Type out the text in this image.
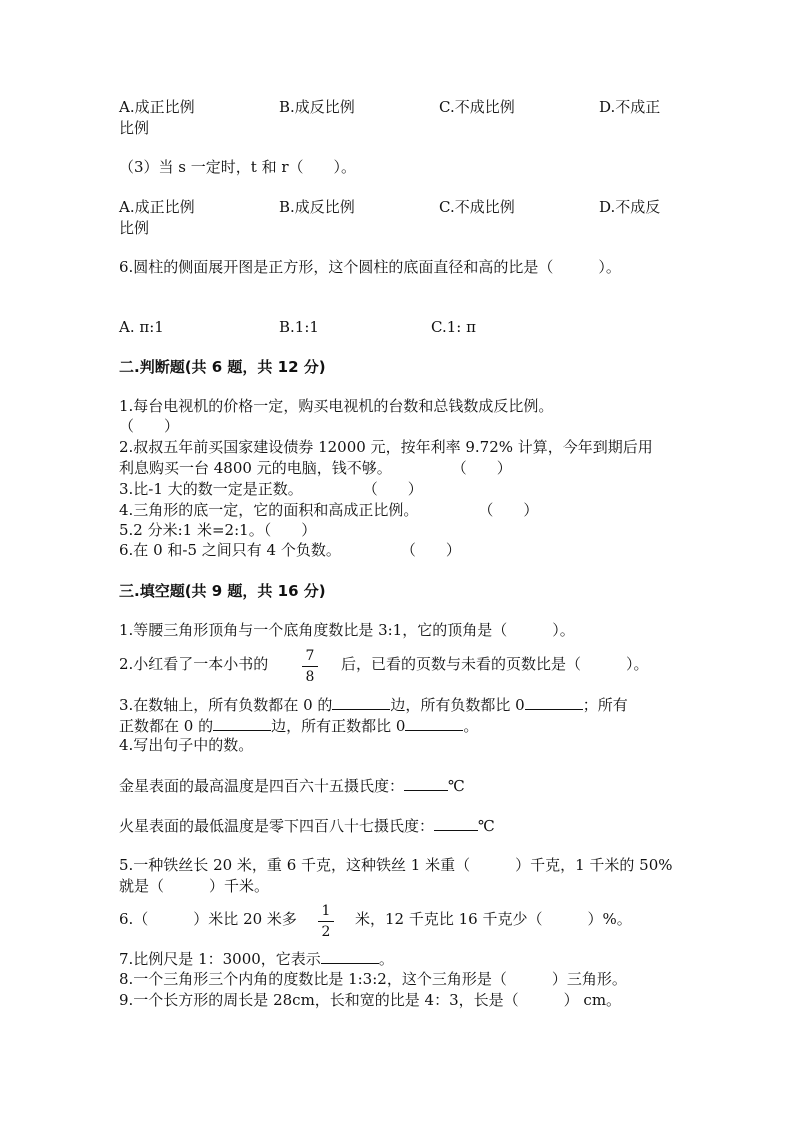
A.成正比例	B.成反比例	C.不成比例	D.不成正
比例
（3）当 s 一定时，t 和 r（　　）。
A.成正比例	B.成反比例	C.不成比例	D.不成反
比例
6.圆柱的侧面展开图是正方形，这个圆柱的底面直径和高的比是（　　　）。
A. π:1	B.1:1	C.1: π
二.判断题(共 6 题，共 12 分)
1.每台电视机的价格一定，购买电视机的台数和总钱数成反比例。
（　　）
2.叔叔五年前买国家建设债券 12000 元，按年利率 9.72% 计算，今年到期后用
利息购买一台 4800 元的电脑，钱不够。　　　　　（　　）
3.比-1 大的数一定是正数。　　　　　（　　）
4.三角形的底一定，它的面积和高成正比例。　　　　　（　　）
5.2 分米:1 米=2:1。（　　）
6.在 0 和-5 之间只有 4 个负数。　　　　　（　　）
三.填空题(共 9 题，共 16 分)
1.等腰三角形顶角与一个底角度数比是 3:1，它的顶角是（　　　）。
2.小红看了一本小书的	7
8
后，已看的页数与未看的页数比是（　　　）。
3.在数轴上，所有负数都在 0 的	边，所有负数都比 0	；所有
正数都在 0 的	边，所有正数都比 0	。
4.写出句子中的数。
金星表面的最高温度是四百六十五摄氏度：	℃
火星表面的最低温度是零下四百八十七摄氏度：	℃
5.一种铁丝长 20 米，重 6 千克，这种铁丝 1 米重（　　　）千克，1 千米的 50%
就是（　　　）千米。
6.（　　　）米比 20 米多 1
2
米，12 千克比 16 千克少（　　　）%。
7.比例尺是 1：3000，它表示	。
8.一个三角形三个内角的度数比是 1:3:2，这个三角形是（　　　）三角形。
9.一个长方形的周长是 28cm，长和宽的比是 4：3，长是（　　　） cm。
